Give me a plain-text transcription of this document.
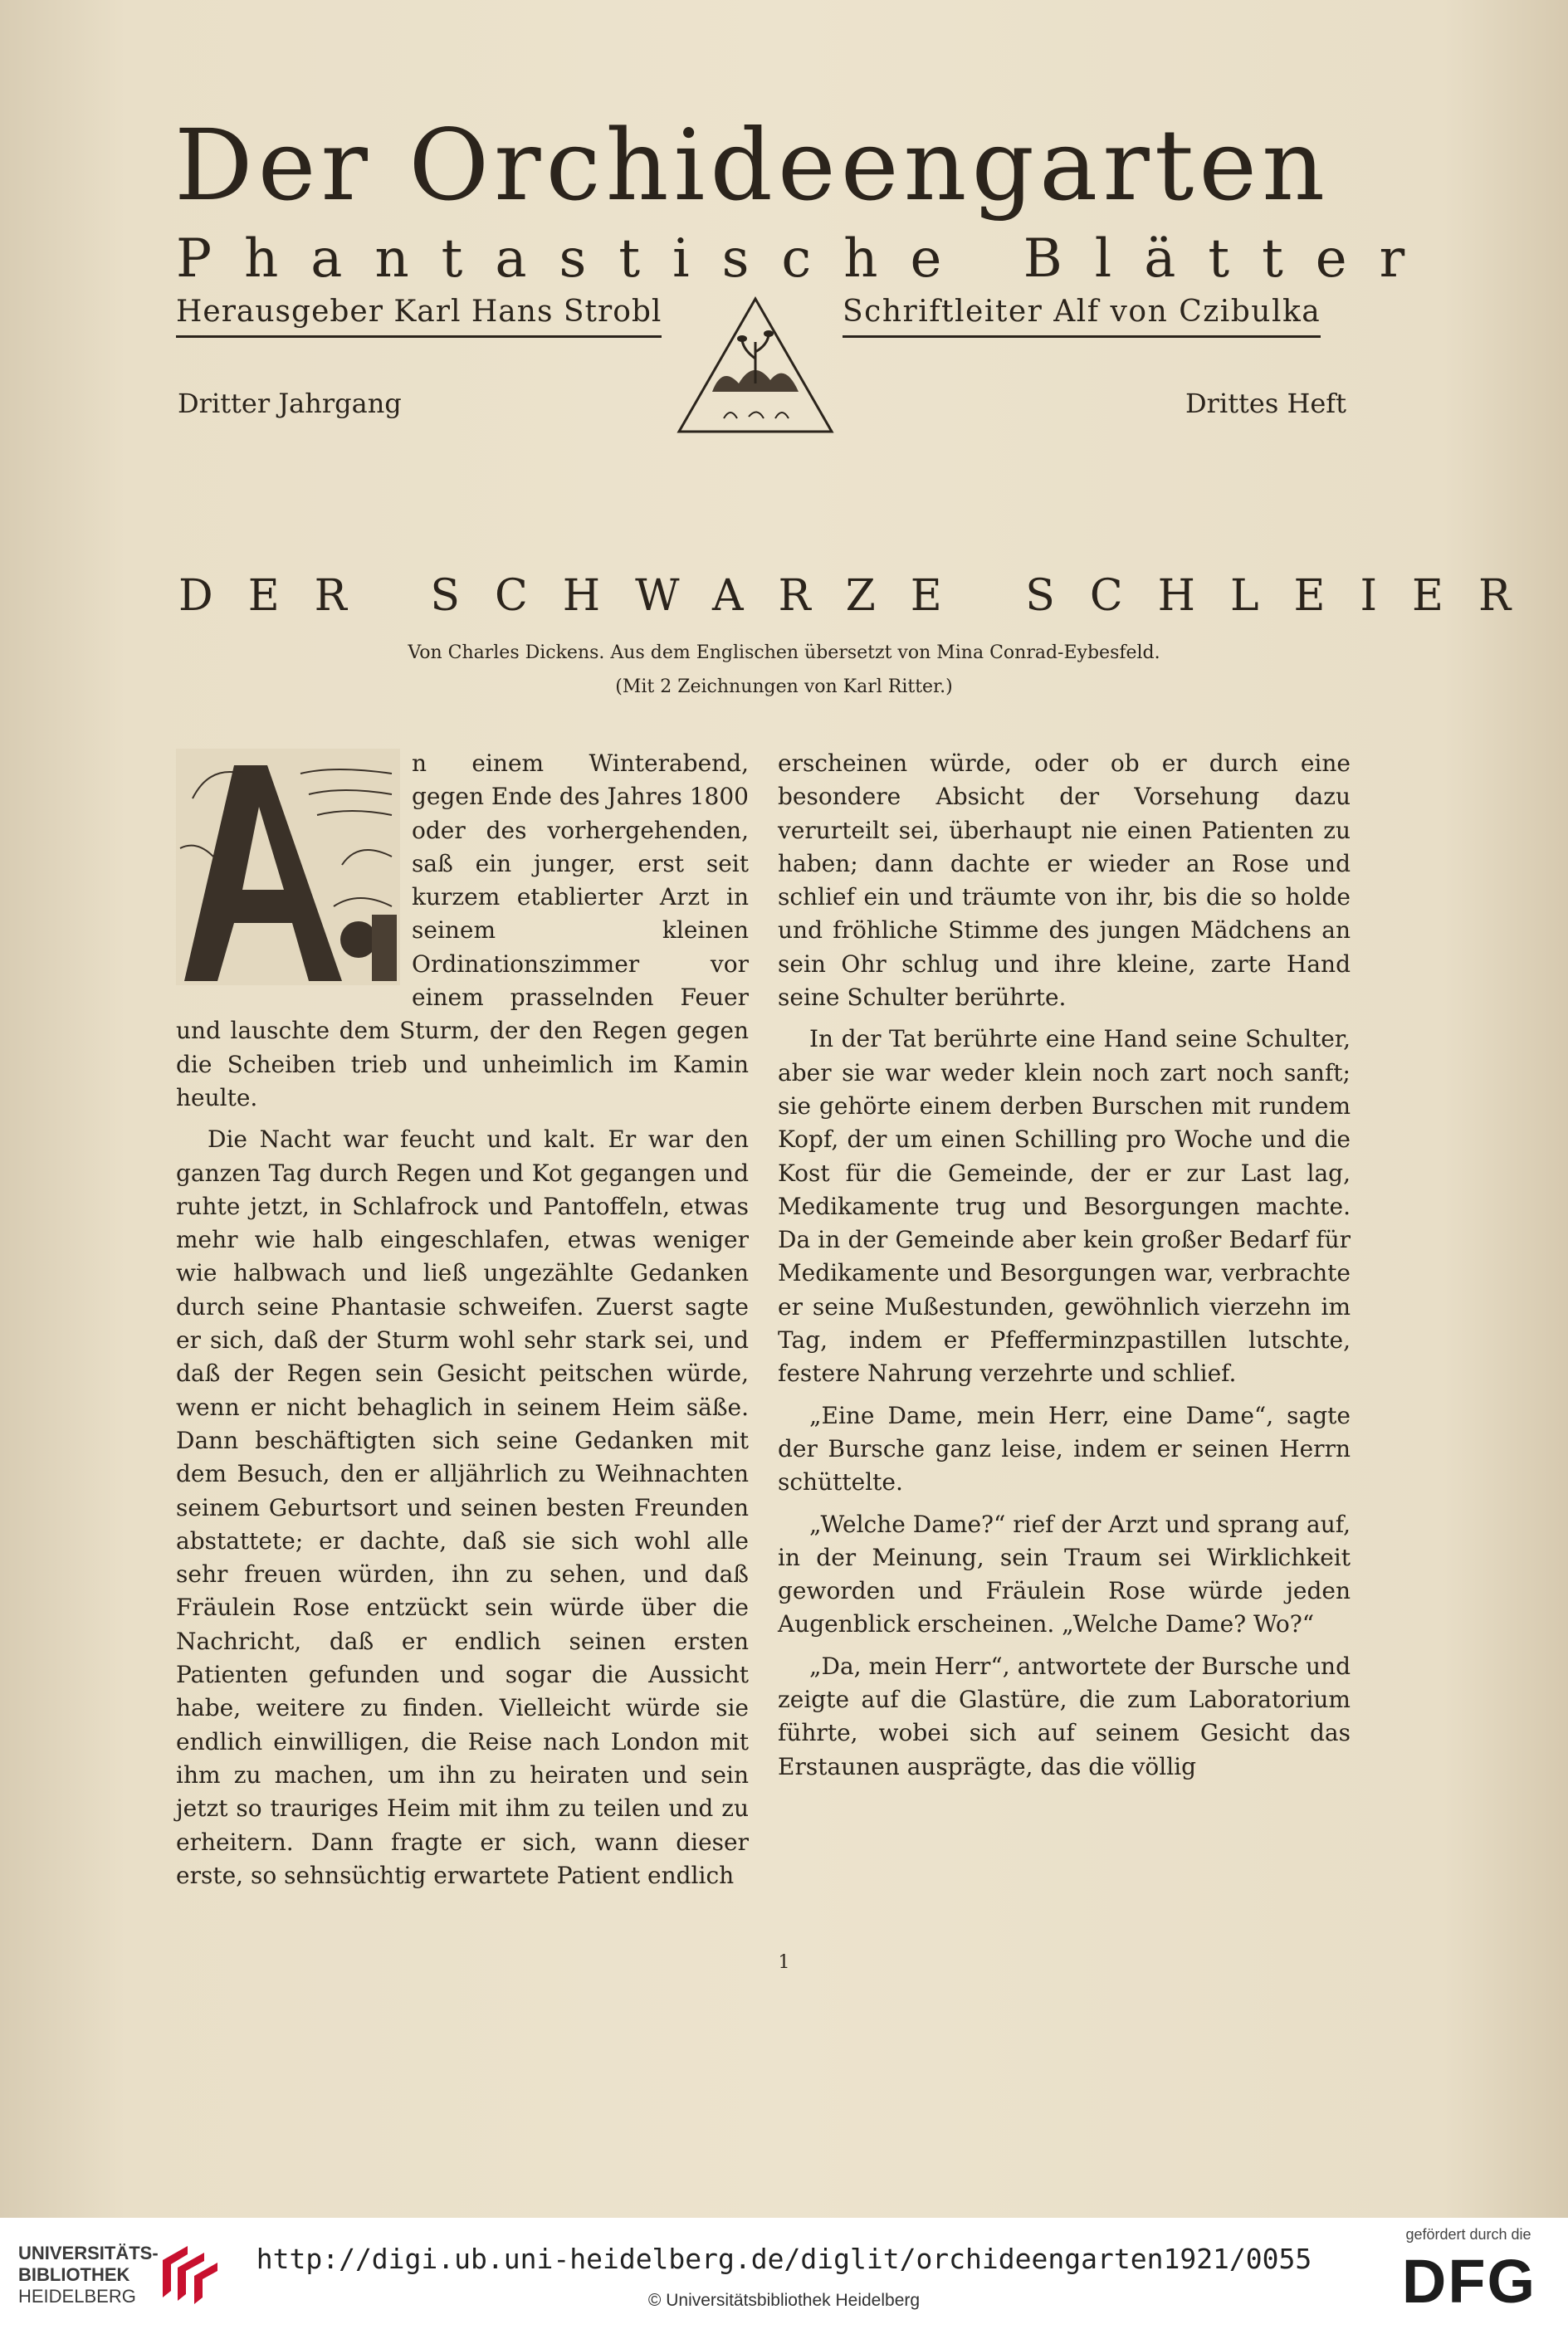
Der Orchideengarten
Phantastische Blätter
Herausgeber Karl Hans Strobl	Schriftleiter Alf von Czibulka
Dritter Jahrgang	Drittes Heft
DER SCHWARZE SCHLEIER
Von Charles Dickens. Aus dem Englischen übersetzt von Mina Conrad-Eybesfeld.
(Mit 2 Zeichnungen von Karl Ritter.)

n einem Winterabend, gegen Ende des Jahres 1800 oder des vorhergehenden, saß ein junger, erst seit kurzem etablierter Arzt in seinem kleinen Ordinationszimmer vor einem prasselnden Feuer und lauschte dem Sturm, der den Regen gegen die Scheiben trieb und unheimlich im Kamin heulte.

Die Nacht war feucht und kalt. Er war den ganzen Tag durch Regen und Kot gegangen und ruhte jetzt, in Schlafrock und Pantoffeln, etwas mehr wie halb eingeschlafen, etwas weniger wie halbwach und ließ ungezählte Gedanken durch seine Phantasie schweifen. Zuerst sagte er sich, daß der Sturm wohl sehr stark sei, und daß der Regen sein Gesicht peitschen würde, wenn er nicht behaglich in seinem Heim säße. Dann beschäftigten sich seine Gedanken mit dem Besuch, den er alljährlich zu Weihnachten seinem Geburtsort und seinen besten Freunden abstattete; er dachte, daß sie sich wohl alle sehr freuen würden, ihn zu sehen, und daß Fräulein Rose entzückt sein würde über die Nachricht, daß er endlich seinen ersten Patienten gefunden und sogar die Aussicht habe, weitere zu finden. Vielleicht würde sie endlich einwilligen, die Reise nach London mit ihm zu machen, um ihn zu heiraten und sein jetzt so trauriges Heim mit ihm zu teilen und zu erheitern. Dann fragte er sich, wann dieser erste, so sehnsüchtig erwartete Patient endlich

erscheinen würde, oder ob er durch eine besondere Absicht der Vorsehung dazu verurteilt sei, überhaupt nie einen Patienten zu haben; dann dachte er wieder an Rose und schlief ein und träumte von ihr, bis die so holde und fröhliche Stimme des jungen Mädchens an sein Ohr schlug und ihre kleine, zarte Hand seine Schulter berührte.

In der Tat berührte eine Hand seine Schulter, aber sie war weder klein noch zart noch sanft; sie gehörte einem derben Burschen mit rundem Kopf, der um einen Schilling pro Woche und die Kost für die Gemeinde, der er zur Last lag, Medikamente trug und Besorgungen machte. Da in der Gemeinde aber kein großer Bedarf für Medikamente und Besorgungen war, verbrachte er seine Mußestunden, gewöhnlich vierzehn im Tag, indem er Pfefferminzpastillen lutschte, festere Nahrung verzehrte und schlief.

„Eine Dame, mein Herr, eine Dame“, sagte der Bursche ganz leise, indem er seinen Herrn schüttelte.

„Welche Dame?“ rief der Arzt und sprang auf, in der Meinung, sein Traum sei Wirklichkeit geworden und Fräulein Rose würde jeden Augenblick erscheinen. „Welche Dame? Wo?“

„Da, mein Herr“, antwortete der Bursche und zeigte auf die Glastüre, die zum Laboratorium führte, wobei sich auf seinem Gesicht das Erstaunen ausprägte, das die völlig

1
UNIVERSITÄTS-
BIBLIOTHEK
HEIDELBERG
http://digi.ub.uni-heidelberg.de/diglit/orchideengarten1921/0055
© Universitätsbibliothek Heidelberg
gefördert durch die
DFG
